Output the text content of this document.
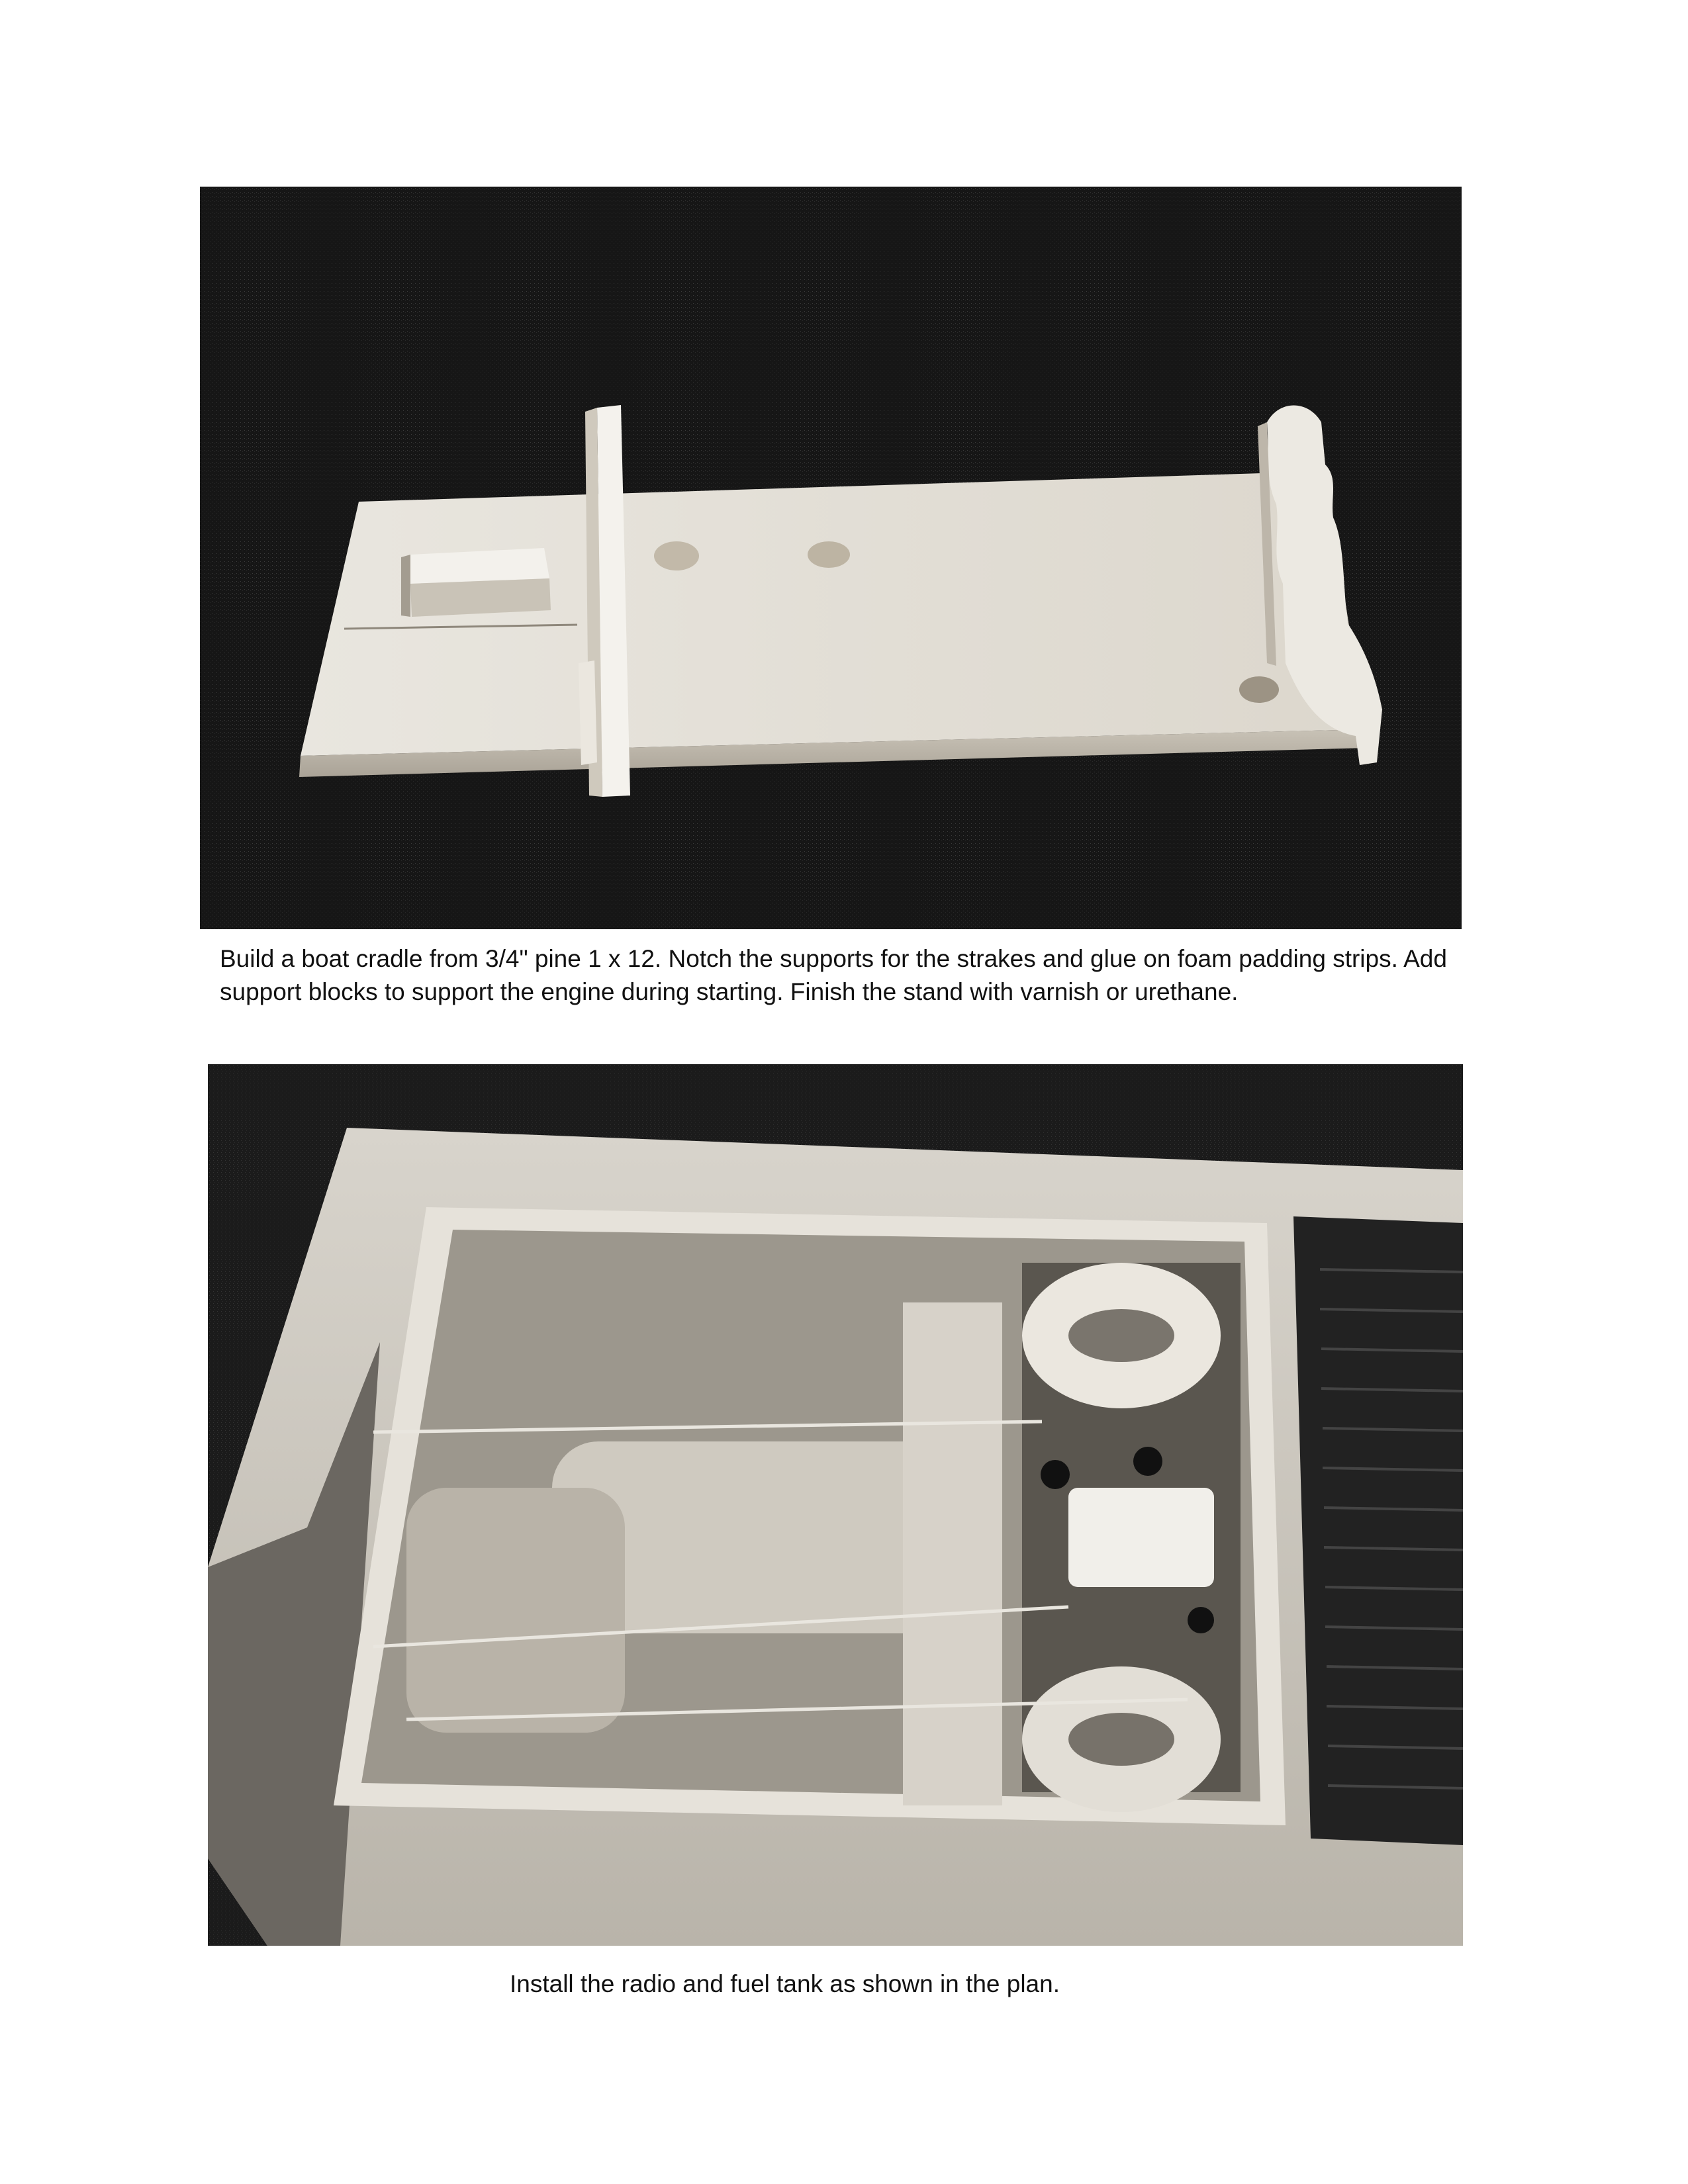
Build a boat cradle from 3/4" pine 1 x 12. Notch the supports for the strakes and glue on foam padding strips. Add support blocks to support the engine during starting. Finish the stand with varnish or urethane.

Install the radio and fuel tank as shown in the plan.
